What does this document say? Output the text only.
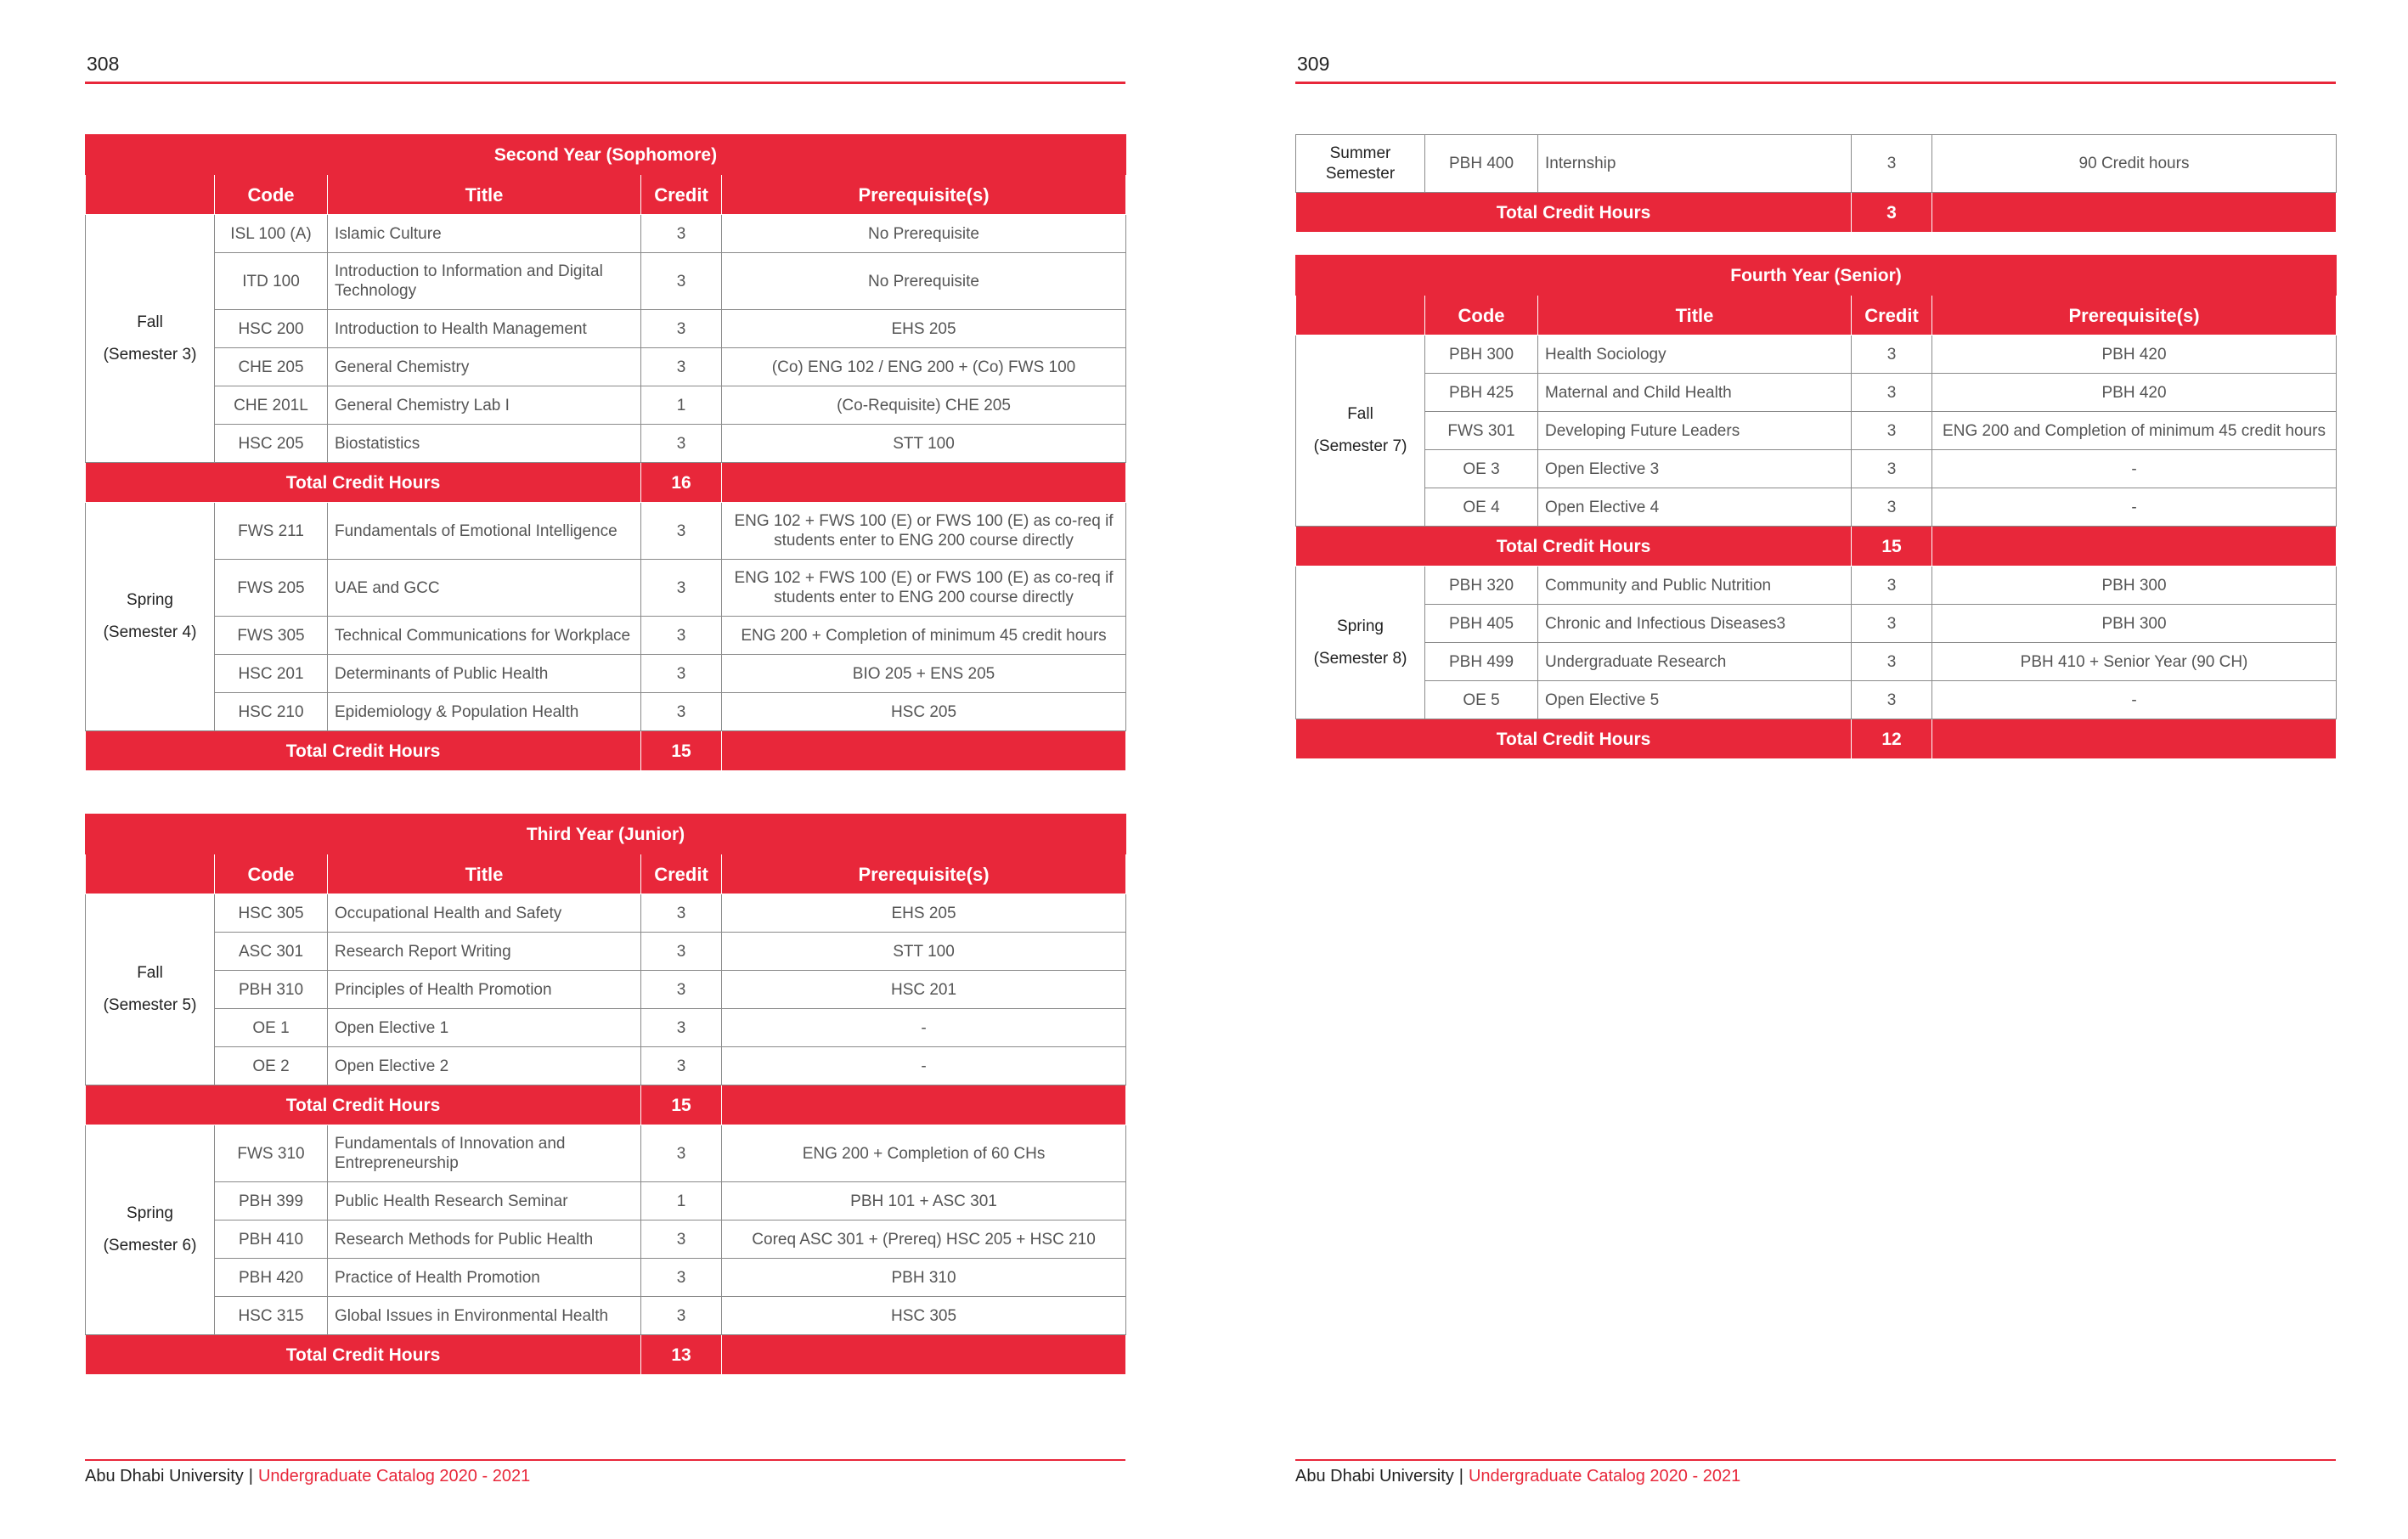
308
Second Year (Sophomore)				
	Code	Title	Credit	Prerequisite(s)

Fall
(Semester 3)	ISL 100 (A)	Islamic Culture	3	No Prerequisite
	ITD 100	Introduction to Information and Digital Technology	3	No Prerequisite
	HSC 200	Introduction to Health Management	3	EHS 205
	CHE 205	General Chemistry	3	(Co) ENG 102 / ENG 200 + (Co) FWS 100
	CHE 201L	General Chemistry Lab I	1	(Co-Requisite) CHE 205
	HSC 205	Biostatistics	3	STT 100
Total Credit Hours			16	

Spring
(Semester 4)	FWS 211	Fundamentals of Emotional Intelligence	3	ENG 102 + FWS 100 (E) or FWS 100 (E) as co-req if students enter to ENG 200 course directly
	FWS 205	UAE and GCC	3	ENG 102 + FWS 100 (E) or FWS 100 (E) as co-req if students enter to ENG 200 course directly
	FWS 305	Technical Communications for Workplace	3	ENG 200 + Completion of minimum 45 credit hours
	HSC 201	Determinants of Public Health	3	BIO 205 + ENS 205
	HSC 210	Epidemiology & Population Health	3	HSC 205
Total Credit Hours			15	
Third Year (Junior)				
	Code	Title	Credit	Prerequisite(s)

Fall
(Semester 5)	HSC 305	Occupational Health and Safety	3	EHS 205
	ASC 301	Research Report Writing	3	STT 100
	PBH 310	Principles of Health Promotion	3	HSC 201
	OE 1	Open Elective 1	3	-
	OE 2	Open Elective 2	3	-
Total Credit Hours			15	

Spring
(Semester 6)	FWS 310	Fundamentals of Innovation and Entrepreneurship	3	ENG 200 + Completion of 60 CHs
	PBH 399	Public Health Research Seminar	1	PBH 101 + ASC 301
	PBH 410	Research Methods for Public Health	3	Coreq ASC 301 + (Prereq) HSC 205 + HSC 210
	PBH 420	Practice of Health Promotion	3	PBH 310
	HSC 315	Global Issues in Environmental Health	3	HSC 305
Total Credit Hours			13	
Abu Dhabi University | Undergraduate Catalog 2020 - 2021
309
Summer Semester	PBH 400	Internship	3	90 Credit hours
Total Credit Hours			3	
Fourth Year (Senior)				
	Code	Title	Credit	Prerequisite(s)

Fall
(Semester 7)	PBH 300	Health Sociology	3	PBH 420
	PBH 425	Maternal and Child Health	3	PBH 420
	FWS 301	Developing Future Leaders	3	ENG 200 and Completion of minimum 45 credit hours
	OE 3	Open Elective 3	3	-
	OE 4	Open Elective 4	3	-
Total Credit Hours			15	

Spring
(Semester 8)	PBH 320	Community and Public Nutrition	3	PBH 300
	PBH 405	Chronic and Infectious Diseases3	3	PBH 300
	PBH 499	Undergraduate Research	3	PBH 410 + Senior Year (90 CH)
	OE 5	Open Elective 5	3	-
Total Credit Hours			12	
Abu Dhabi University | Undergraduate Catalog 2020 - 2021
